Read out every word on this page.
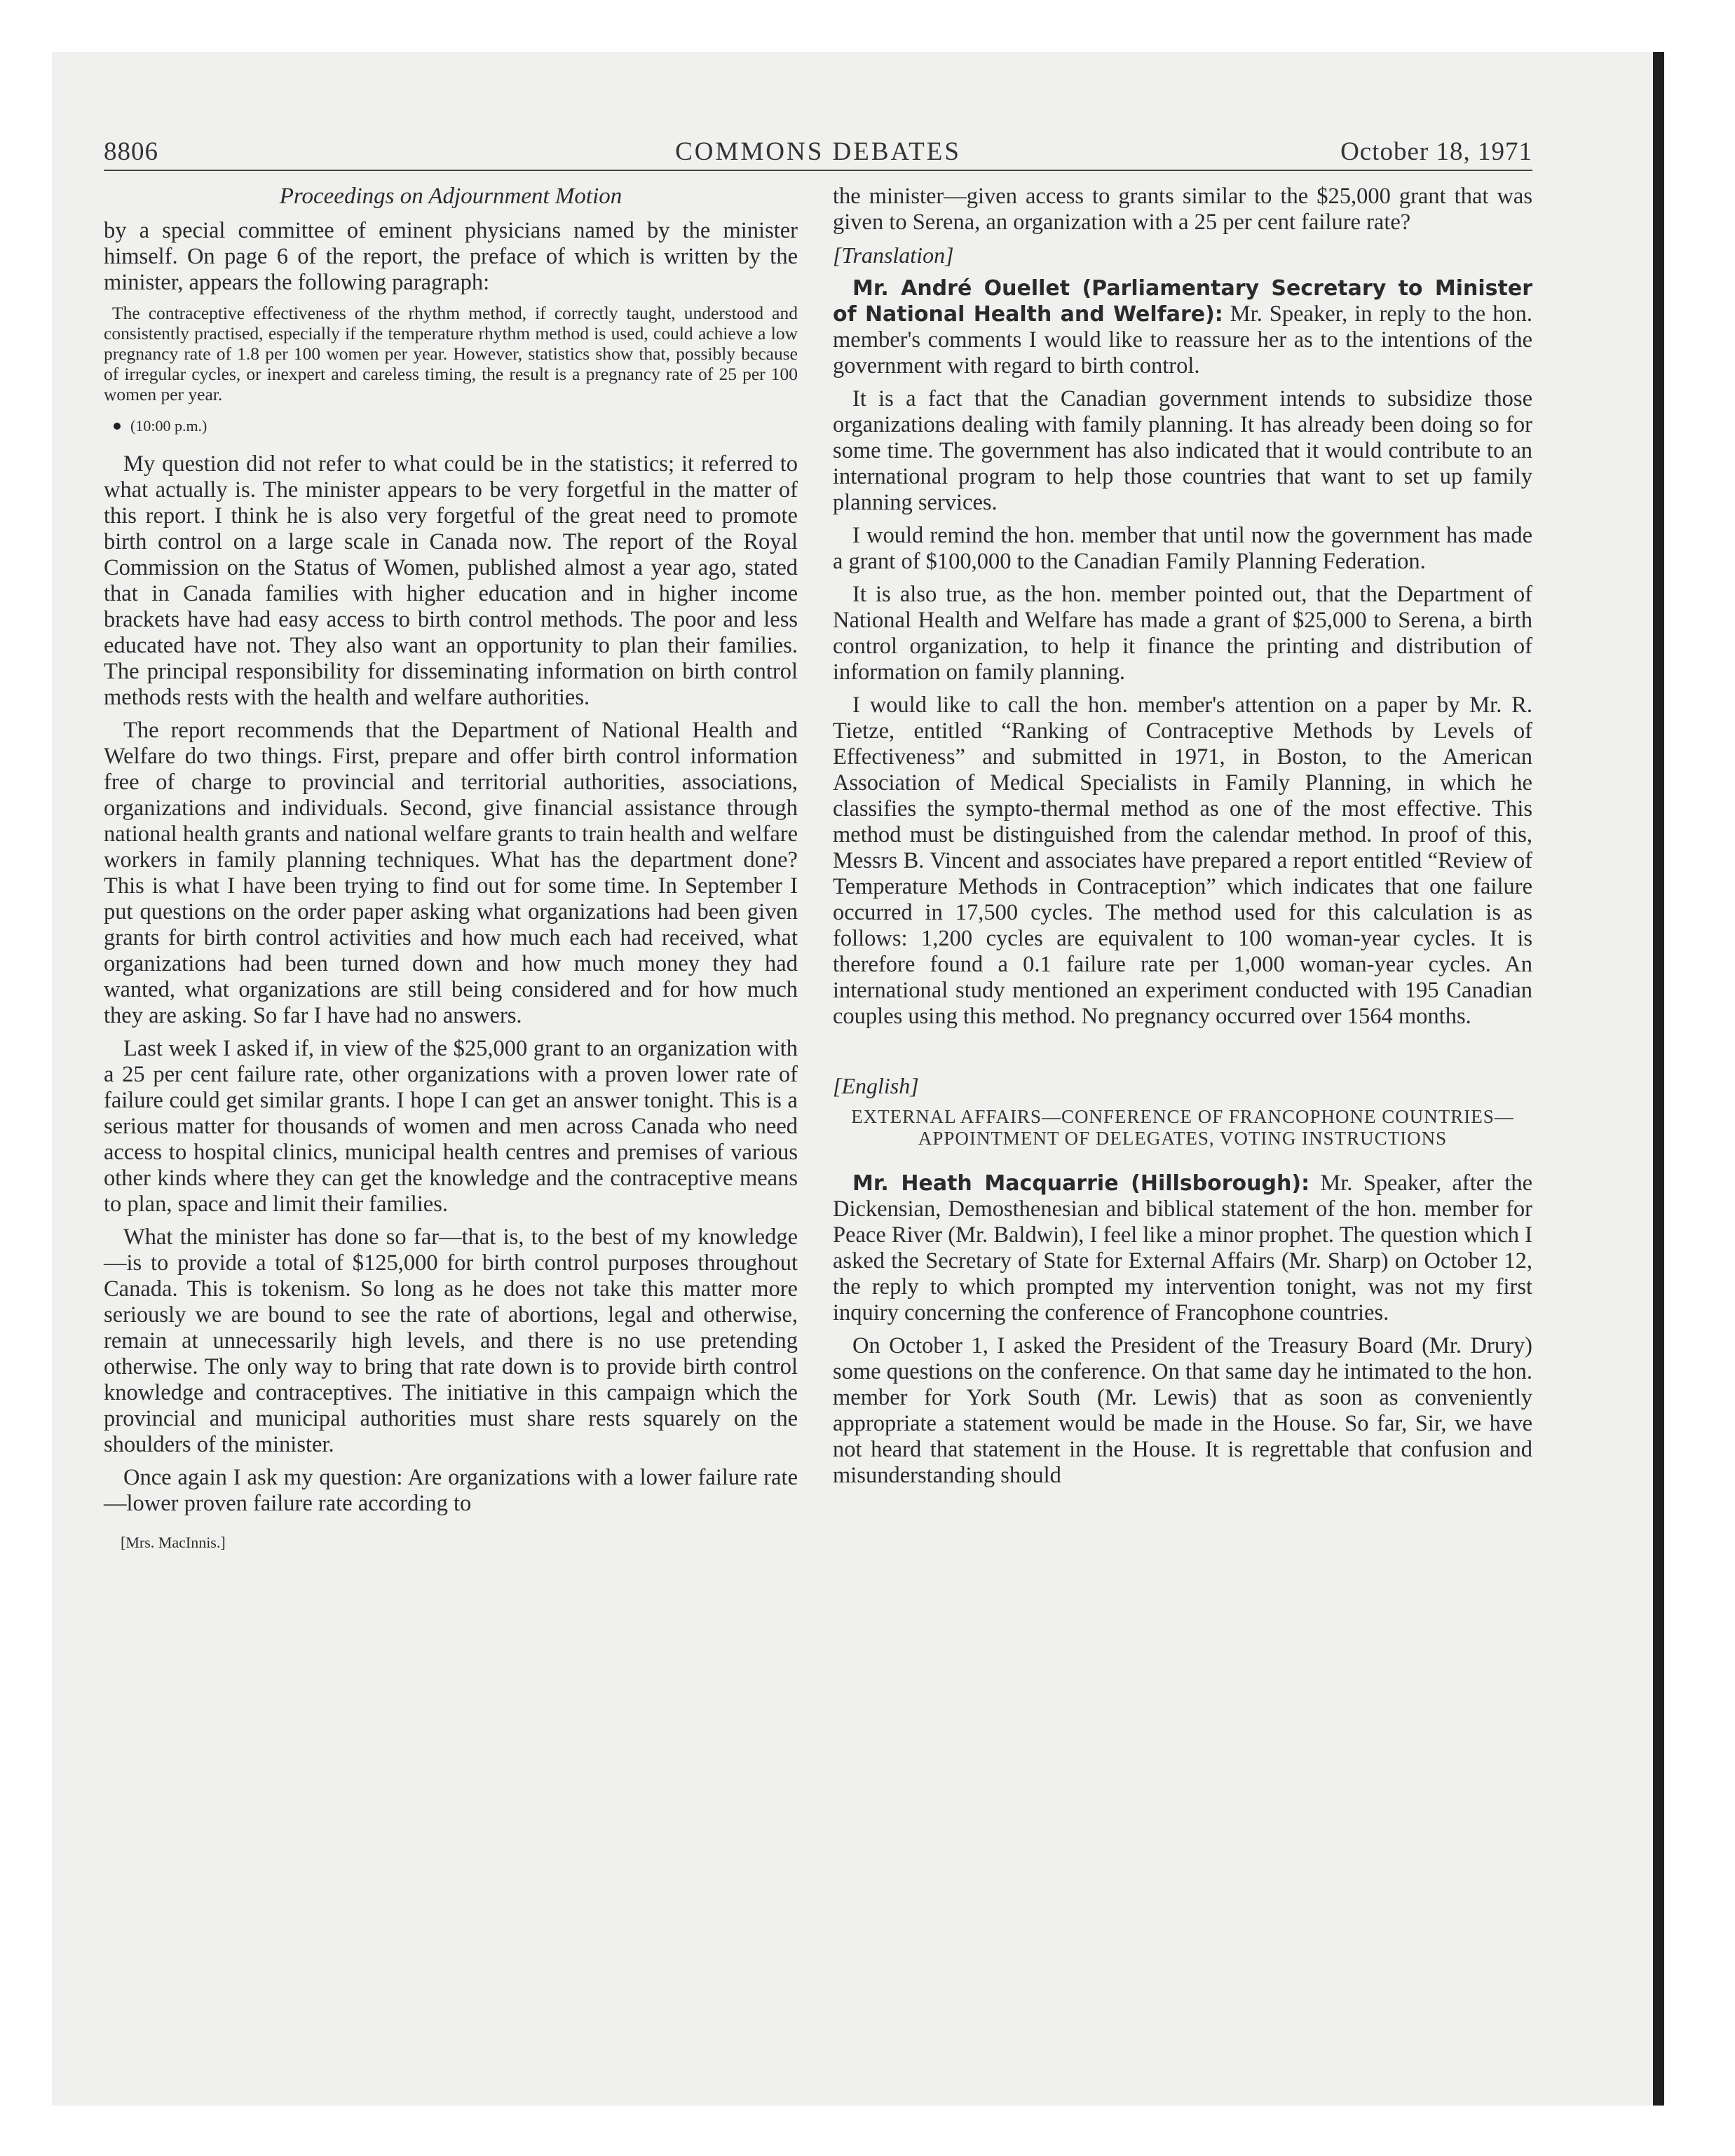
8806	COMMONS DEBATES	October 18, 1971
Proceedings on Adjournment Motion

by a special committee of eminent physicians named by the minister himself. On page 6 of the report, the preface of which is written by the minister, appears the following paragraph:

The contraceptive effectiveness of the rhythm method, if correctly taught, understood and consistently practised, especially if the temperature rhythm method is used, could achieve a low pregnancy rate of 1.8 per 100 women per year. However, statistics show that, possibly because of irregular cycles, or inexpert and careless timing, the result is a pregnancy rate of 25 per 100 women per year.
(10:00 p.m.)

My question did not refer to what could be in the statistics; it referred to what actually is. The minister appears to be very forgetful in the matter of this report. I think he is also very forgetful of the great need to promote birth control on a large scale in Canada now. The report of the Royal Commission on the Status of Women, published almost a year ago, stated that in Canada families with higher education and in higher income brackets have had easy access to birth control methods. The poor and less educated have not. They also want an opportunity to plan their families. The principal responsibility for disseminating information on birth control methods rests with the health and welfare authorities.

The report recommends that the Department of National Health and Welfare do two things. First, prepare and offer birth control information free of charge to provincial and territorial authorities, associations, organizations and individuals. Second, give financial assistance through national health grants and national welfare grants to train health and welfare workers in family planning techniques. What has the department done? This is what I have been trying to find out for some time. In September I put questions on the order paper asking what organizations had been given grants for birth control activities and how much each had received, what organizations had been turned down and how much money they had wanted, what organizations are still being considered and for how much they are asking. So far I have had no answers.

Last week I asked if, in view of the $25,000 grant to an organization with a 25 per cent failure rate, other organizations with a proven lower rate of failure could get similar grants. I hope I can get an answer tonight. This is a serious matter for thousands of women and men across Canada who need access to hospital clinics, municipal health centres and premises of various other kinds where they can get the knowledge and the contraceptive means to plan, space and limit their families.

What the minister has done so far—that is, to the best of my knowledge—is to provide a total of $125,000 for birth control purposes throughout Canada. This is tokenism. So long as he does not take this matter more seriously we are bound to see the rate of abortions, legal and otherwise, remain at unnecessarily high levels, and there is no use pretending otherwise. The only way to bring that rate down is to provide birth control knowledge and contraceptives. The initiative in this campaign which the provincial and municipal authorities must share rests squarely on the shoulders of the minister.

Once again I ask my question: Are organizations with a lower failure rate—lower proven failure rate according to

[Mrs. MacInnis.]

the minister—given access to grants similar to the $25,000 grant that was given to Serena, an organization with a 25 per cent failure rate?

[Translation]

Mr. André Ouellet (Parliamentary Secretary to Minister of National Health and Welfare): Mr. Speaker, in reply to the hon. member's comments I would like to reassure her as to the intentions of the government with regard to birth control.

It is a fact that the Canadian government intends to subsidize those organizations dealing with family planning. It has already been doing so for some time. The government has also indicated that it would contribute to an international program to help those countries that want to set up family planning services.

I would remind the hon. member that until now the government has made a grant of $100,000 to the Canadian Family Planning Federation.

It is also true, as the hon. member pointed out, that the Department of National Health and Welfare has made a grant of $25,000 to Serena, a birth control organization, to help it finance the printing and distribution of information on family planning.

I would like to call the hon. member's attention on a paper by Mr. R. Tietze, entitled “Ranking of Contraceptive Methods by Levels of Effectiveness” and submitted in 1971, in Boston, to the American Association of Medical Specialists in Family Planning, in which he classifies the sympto-thermal method as one of the most effective. This method must be distinguished from the calendar method. In proof of this, Messrs B. Vincent and associates have prepared a report entitled “Review of Temperature Methods in Contraception” which indicates that one failure occurred in 17,500 cycles. The method used for this calculation is as follows: 1,200 cycles are equivalent to 100 woman-year cycles. It is therefore found a 0.1 failure rate per 1,000 woman-year cycles. An international study mentioned an experiment conducted with 195 Canadian couples using this method. No pregnancy occurred over 1564 months.

[English]
EXTERNAL AFFAIRS—CONFERENCE OF FRANCOPHONE COUNTRIES—APPOINTMENT OF DELEGATES, VOTING INSTRUCTIONS

Mr. Heath Macquarrie (Hillsborough): Mr. Speaker, after the Dickensian, Demosthenesian and biblical statement of the hon. member for Peace River (Mr. Baldwin), I feel like a minor prophet. The question which I asked the Secretary of State for External Affairs (Mr. Sharp) on October 12, the reply to which prompted my intervention tonight, was not my first inquiry concerning the conference of Francophone countries.

On October 1, I asked the President of the Treasury Board (Mr. Drury) some questions on the conference. On that same day he intimated to the hon. member for York South (Mr. Lewis) that as soon as conveniently appropriate a statement would be made in the House. So far, Sir, we have not heard that statement in the House. It is regrettable that confusion and misunderstanding should
